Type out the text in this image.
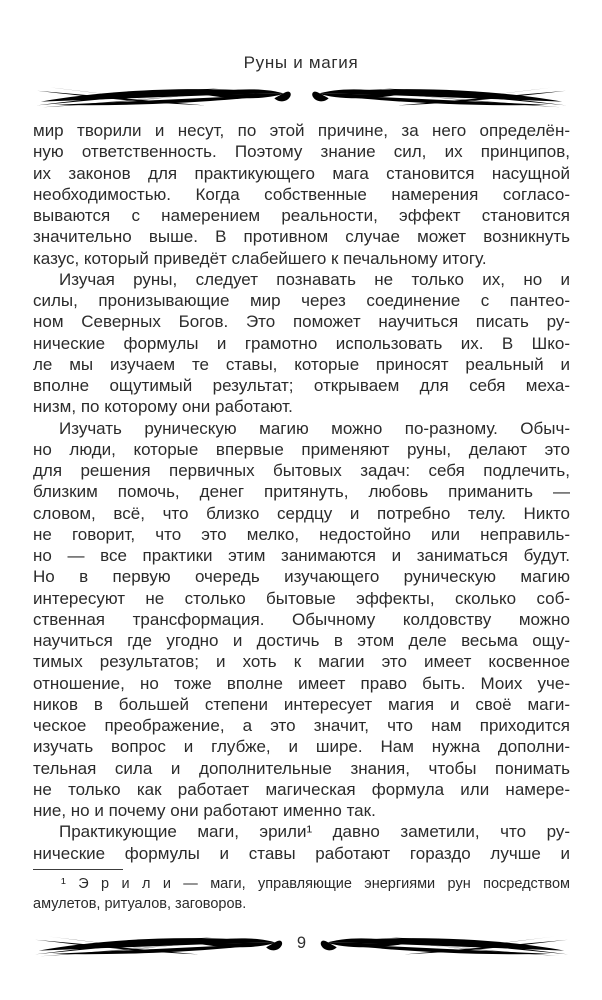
Руны и магия
мир творили и несут, по этой причине, за него определён-
ную ответственность. Поэтому знание сил, их принципов,
их законов для практикующего мага становится насущной
необходимостью. Когда собственные намерения согласо-
вываются с намерением реальности, эффект становится
значительно выше. В противном случае может возникнуть
казус, который приведёт слабейшего к печальному итогу.
Изучая руны, следует познавать не только их, но и
силы, пронизывающие мир через соединение с пантео-
ном Северных Богов. Это поможет научиться писать ру-
нические формулы и грамотно использовать их. В Шко-
ле мы изучаем те ставы, которые приносят реальный и
вполне ощутимый результат; открываем для себя меха-
низм, по которому они работают.
Изучать руническую магию можно по-разному. Обыч-
но люди, которые впервые применяют руны, делают это
для решения первичных бытовых задач: себя подлечить,
близким помочь, денег притянуть, любовь приманить —
словом, всё, что близко сердцу и потребно телу. Никто
не говорит, что это мелко, недостойно или неправиль-
но — все практики этим занимаются и заниматься будут.
Но в первую очередь изучающего руническую магию
интересуют не столько бытовые эффекты, сколько соб-
ственная трансформация. Обычному колдовству можно
научиться где угодно и достичь в этом деле весьма ощу-
тимых результатов; и хоть к магии это имеет косвенное
отношение, но тоже вполне имеет право быть. Моих уче-
ников в большей степени интересует магия и своё маги-
ческое преображение, а это значит, что нам приходится
изучать вопрос и глубже, и шире. Нам нужна дополни-
тельная сила и дополнительные знания, чтобы понимать
не только как работает магическая формула или намере-
ние, но и почему они работают именно так.
Практикующие маги, эрили¹ давно заметили, что ру-
нические формулы и ставы работают гораздо лучше и
¹ Э р и л и — маги, управляющие энергиями рун посредством
амулетов, ритуалов, заговоров.
9
